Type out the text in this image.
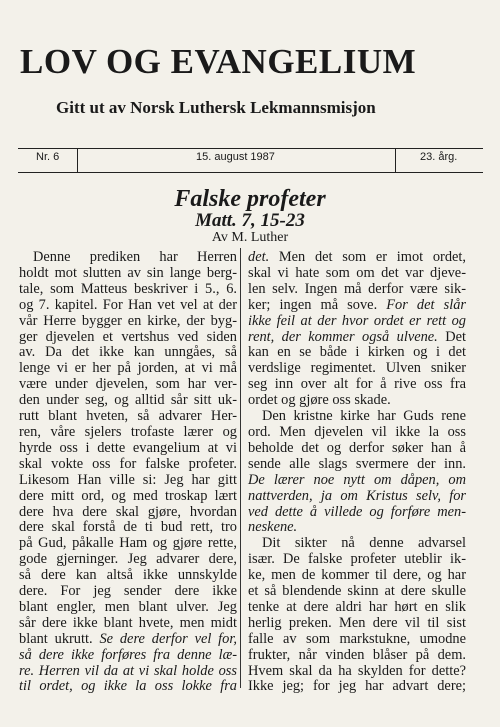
LOV OG EVANGELIUM
Gitt ut av Norsk Luthersk Lekmannsmisjon
Nr. 6	15. august 1987	23. årg.
Falske profeter
Matt. 7, 15-23
Av M. Luther
Denne prediken har Herren
holdt mot slutten av sin lange berg-
tale, som Matteus beskriver i 5., 6.
og 7. kapitel. For Han vet vel at der
vår Herre bygger en kirke, der byg-
ger djevelen et vertshus ved siden
av. Da det ikke kan unngåes, så
lenge vi er her på jorden, at vi må
være under djevelen, som har ver-
den under seg, og alltid sår sitt uk-
rutt blant hveten, så advarer Her-
ren, våre sjelers trofaste lærer og
hyrde oss i dette evangelium at vi
skal vokte oss for falske profeter.
Likesom Han ville si: Jeg har gitt
dere mitt ord, og med troskap lært
dere hva dere skal gjøre, hvordan
dere skal forstå de ti bud rett, tro
på Gud, påkalle Ham og gjøre rette,
gode gjerninger. Jeg advarer dere,
så dere kan altså ikke unnskylde
dere. For jeg sender dere ikke
blant engler, men blant ulver. Jeg
sår dere ikke blant hvete, men midt
blant ukrutt. Se dere derfor vel for,
så dere ikke forføres fra denne læ-
re. Herren vil da at vi skal holde oss
til ordet, og ikke la oss lokke fra
det. Men det som er imot ordet,
skal vi hate som om det var djeve-
len selv. Ingen må derfor være sik-
ker; ingen må sove. For det slår
ikke feil at der hvor ordet er rett og
rent, der kommer også ulvene. Det
kan en se både i kirken og i det
verdslige regimentet. Ulven sniker
seg inn over alt for å rive oss fra
ordet og gjøre oss skade.
Den kristne kirke har Guds rene
ord. Men djevelen vil ikke la oss
beholde det og derfor søker han å
sende alle slags svermere der inn.
De lærer noe nytt om dåpen, om
nattverden, ja om Kristus selv, for
ved dette å villede og forføre men-
neskene.
Dit sikter nå denne advarsel
især. De falske profeter uteblir ik-
ke, men de kommer til dere, og har
et så blendende skinn at dere skulle
tenke at dere aldri har hørt en slik
herlig preken. Men dere vil til sist
falle av som markstukne, umodne
frukter, når vinden blåser på dem.
Hvem skal da ha skylden for dette?
Ikke jeg; for jeg har advart dere;
